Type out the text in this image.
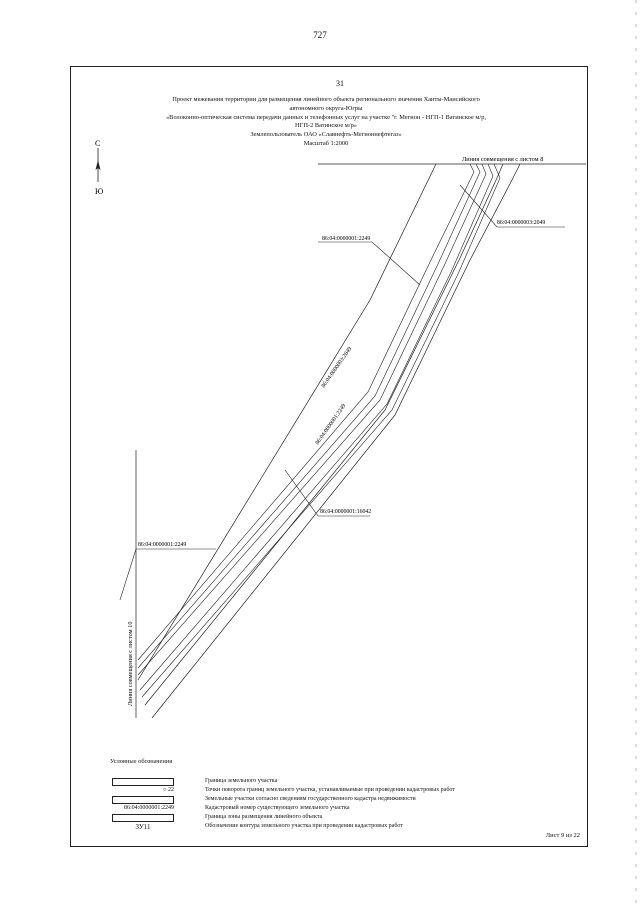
727
31
Проект межевания территории для размещения линейного объекта регионального значения Ханты-Мансийского
автономного округа-Югры
«Волоконно-оптическая система передачи данных и телефонных услуг на участке "г. Мегион - НГП-1 Ватинское м/р,
НГП-2 Ватинское м/р»
Землепользователь ОАО «Славнефть-Мегионнефтегаз»
Масштаб 1:2000
С
Ю
Линия совмещения с листом 8
Линия совмещения с листом 10
86:04:0000003:2049
86:04:0000001:2249
86:04:0000003:2049
86:04:0000001:2249
86:04:0000001:16042
86:04:0000001:2249
Условные обозначения
Граница земельного участка
○ 22	Точки поворота границ земельного участка, устанавливаемые при проведении кадастровых работ
Земельные участки согласно сведениям государственного кадастра недвижимости
86:04:0000001:2249	Кадастровый номер существующего земельного участка
Граница зоны размещения линейного объекта
ЗУ11	Обозначение контура земельного участка при проведении кадастровых работ
Лист 9 из 22
